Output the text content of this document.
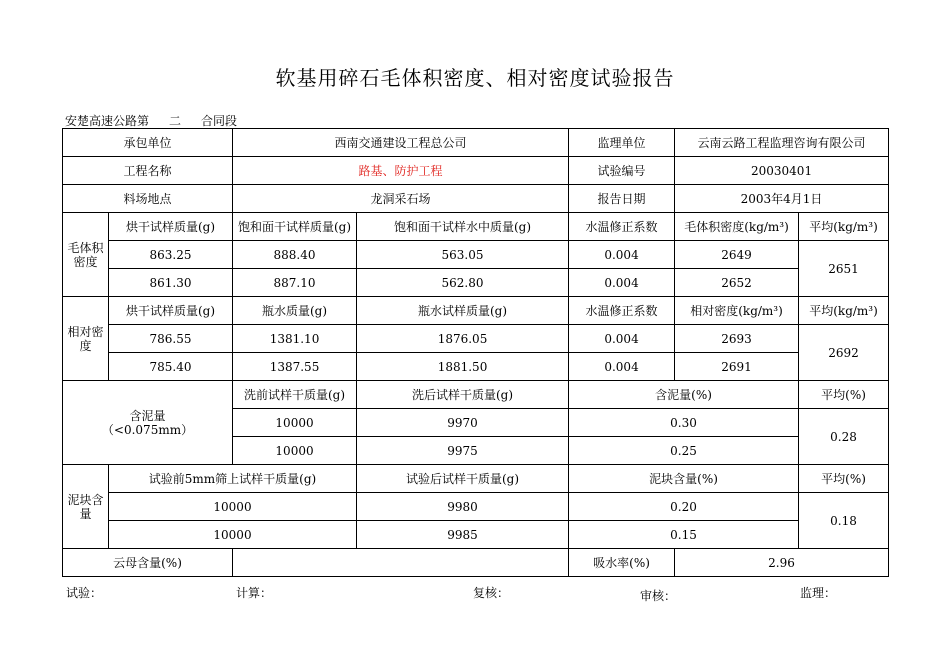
软基用碎石毛体积密度、相对密度试验报告
安楚高速公路第 二 合同段
承包单位		西南交通建设工程总公司		监理单位	云南云路工程监理咨询有限公司	
工程名称		路基、防护工程		试验编号	20030401	
料场地点		龙洞采石场		报告日期	2003年4月1日	
毛体积密度	烘干试样质量(g)	饱和面干试样质量(g)	饱和面干试样水中质量(g)	水温修正系数	毛体积密度(kg/m³)	平均(kg/m³)
	863.25	888.40	563.05	0.004	2649	2651
	861.30	887.10	562.80	0.004	2652	
相对密度	烘干试样质量(g)	瓶水质量(g)	瓶水试样质量(g)	水温修正系数	相对密度(kg/m³)	平均(kg/m³)
	786.55	1381.10	1876.05	0.004	2693	2692
	785.40	1387.55	1881.50	0.004	2691	

含泥量
（<0.075mm）		洗前试样干质量(g)	洗后试样干质量(g)	含泥量(%)		平均(%)
		10000	9970	0.30		0.28
		10000	9975	0.25		
泥块含量	试验前5mm筛上试样干质量(g)		试验后试样干质量(g)	泥块含量(%)		平均(%)
	10000		9980	0.20		0.18
	10000		9985	0.15		
云母含量(%)				吸水率(%)	2.96	
试验：	计算：	复核：	审核：	监理：
